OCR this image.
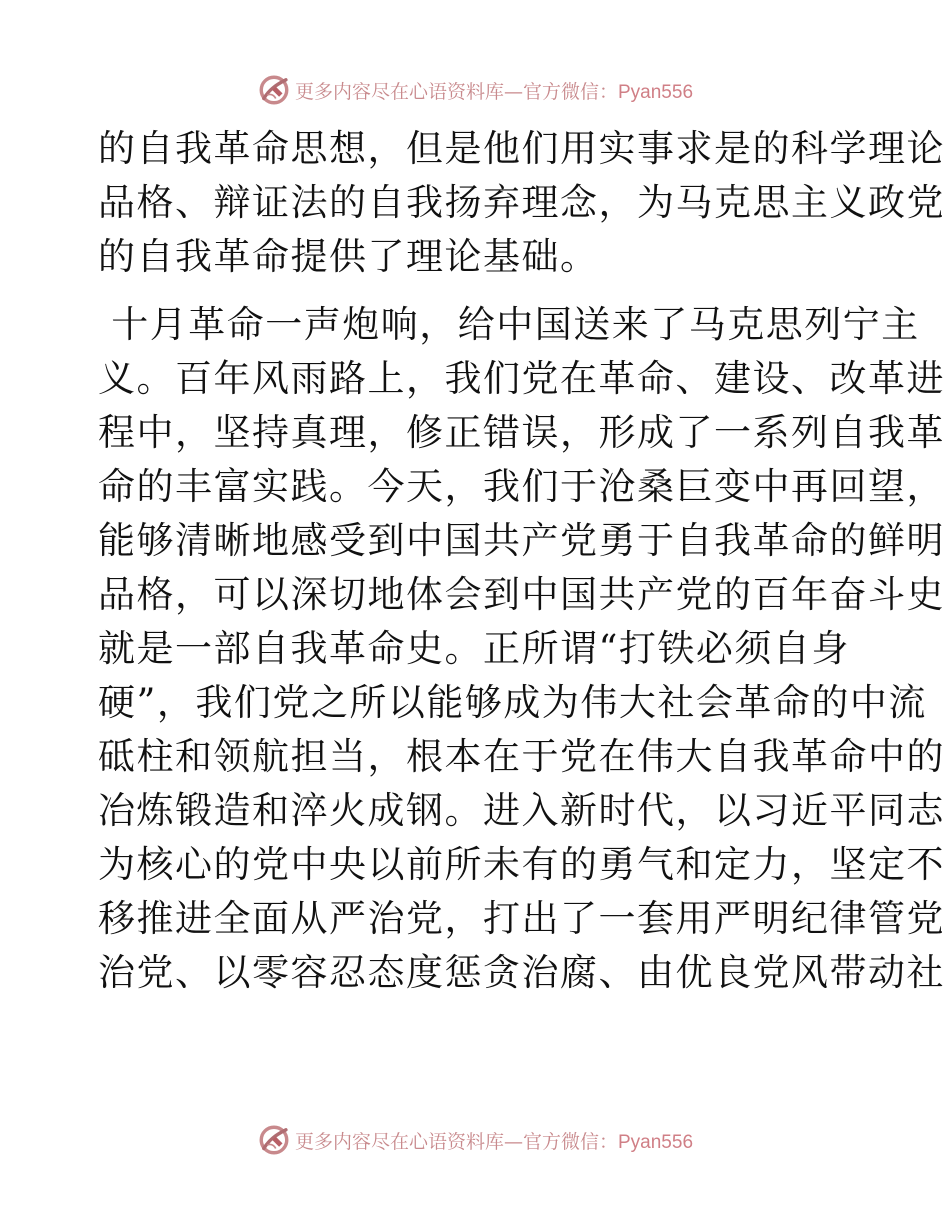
更多内容尽在心语资料库—官方微信：Pyan556

的自我革命思想，但是他们用实事求是的科学理论
品格、辩证法的自我扬弃理念，为马克思主义政党
的自我革命提供了理论基础。

十月革命一声炮响，给中国送来了马克思列宁主
义。百年风雨路上，我们党在革命、建设、改革进
程中，坚持真理，修正错误，形成了一系列自我革
命的丰富实践。今天，我们于沧桑巨变中再回望，
能够清晰地感受到中国共产党勇于自我革命的鲜明
品格，可以深切地体会到中国共产党的百年奋斗史
就是一部自我革命史。正所谓“打铁必须自身
硬”，我们党之所以能够成为伟大社会革命的中流
砥柱和领航担当，根本在于党在伟大自我革命中的
冶炼锻造和淬火成钢。进入新时代，以习近平同志
为核心的党中央以前所未有的勇气和定力，坚定不
移推进全面从严治党，打出了一套用严明纪律管党
治党、以零容忍态度惩贪治腐、由优良党风带动社

更多内容尽在心语资料库—官方微信：Pyan556
